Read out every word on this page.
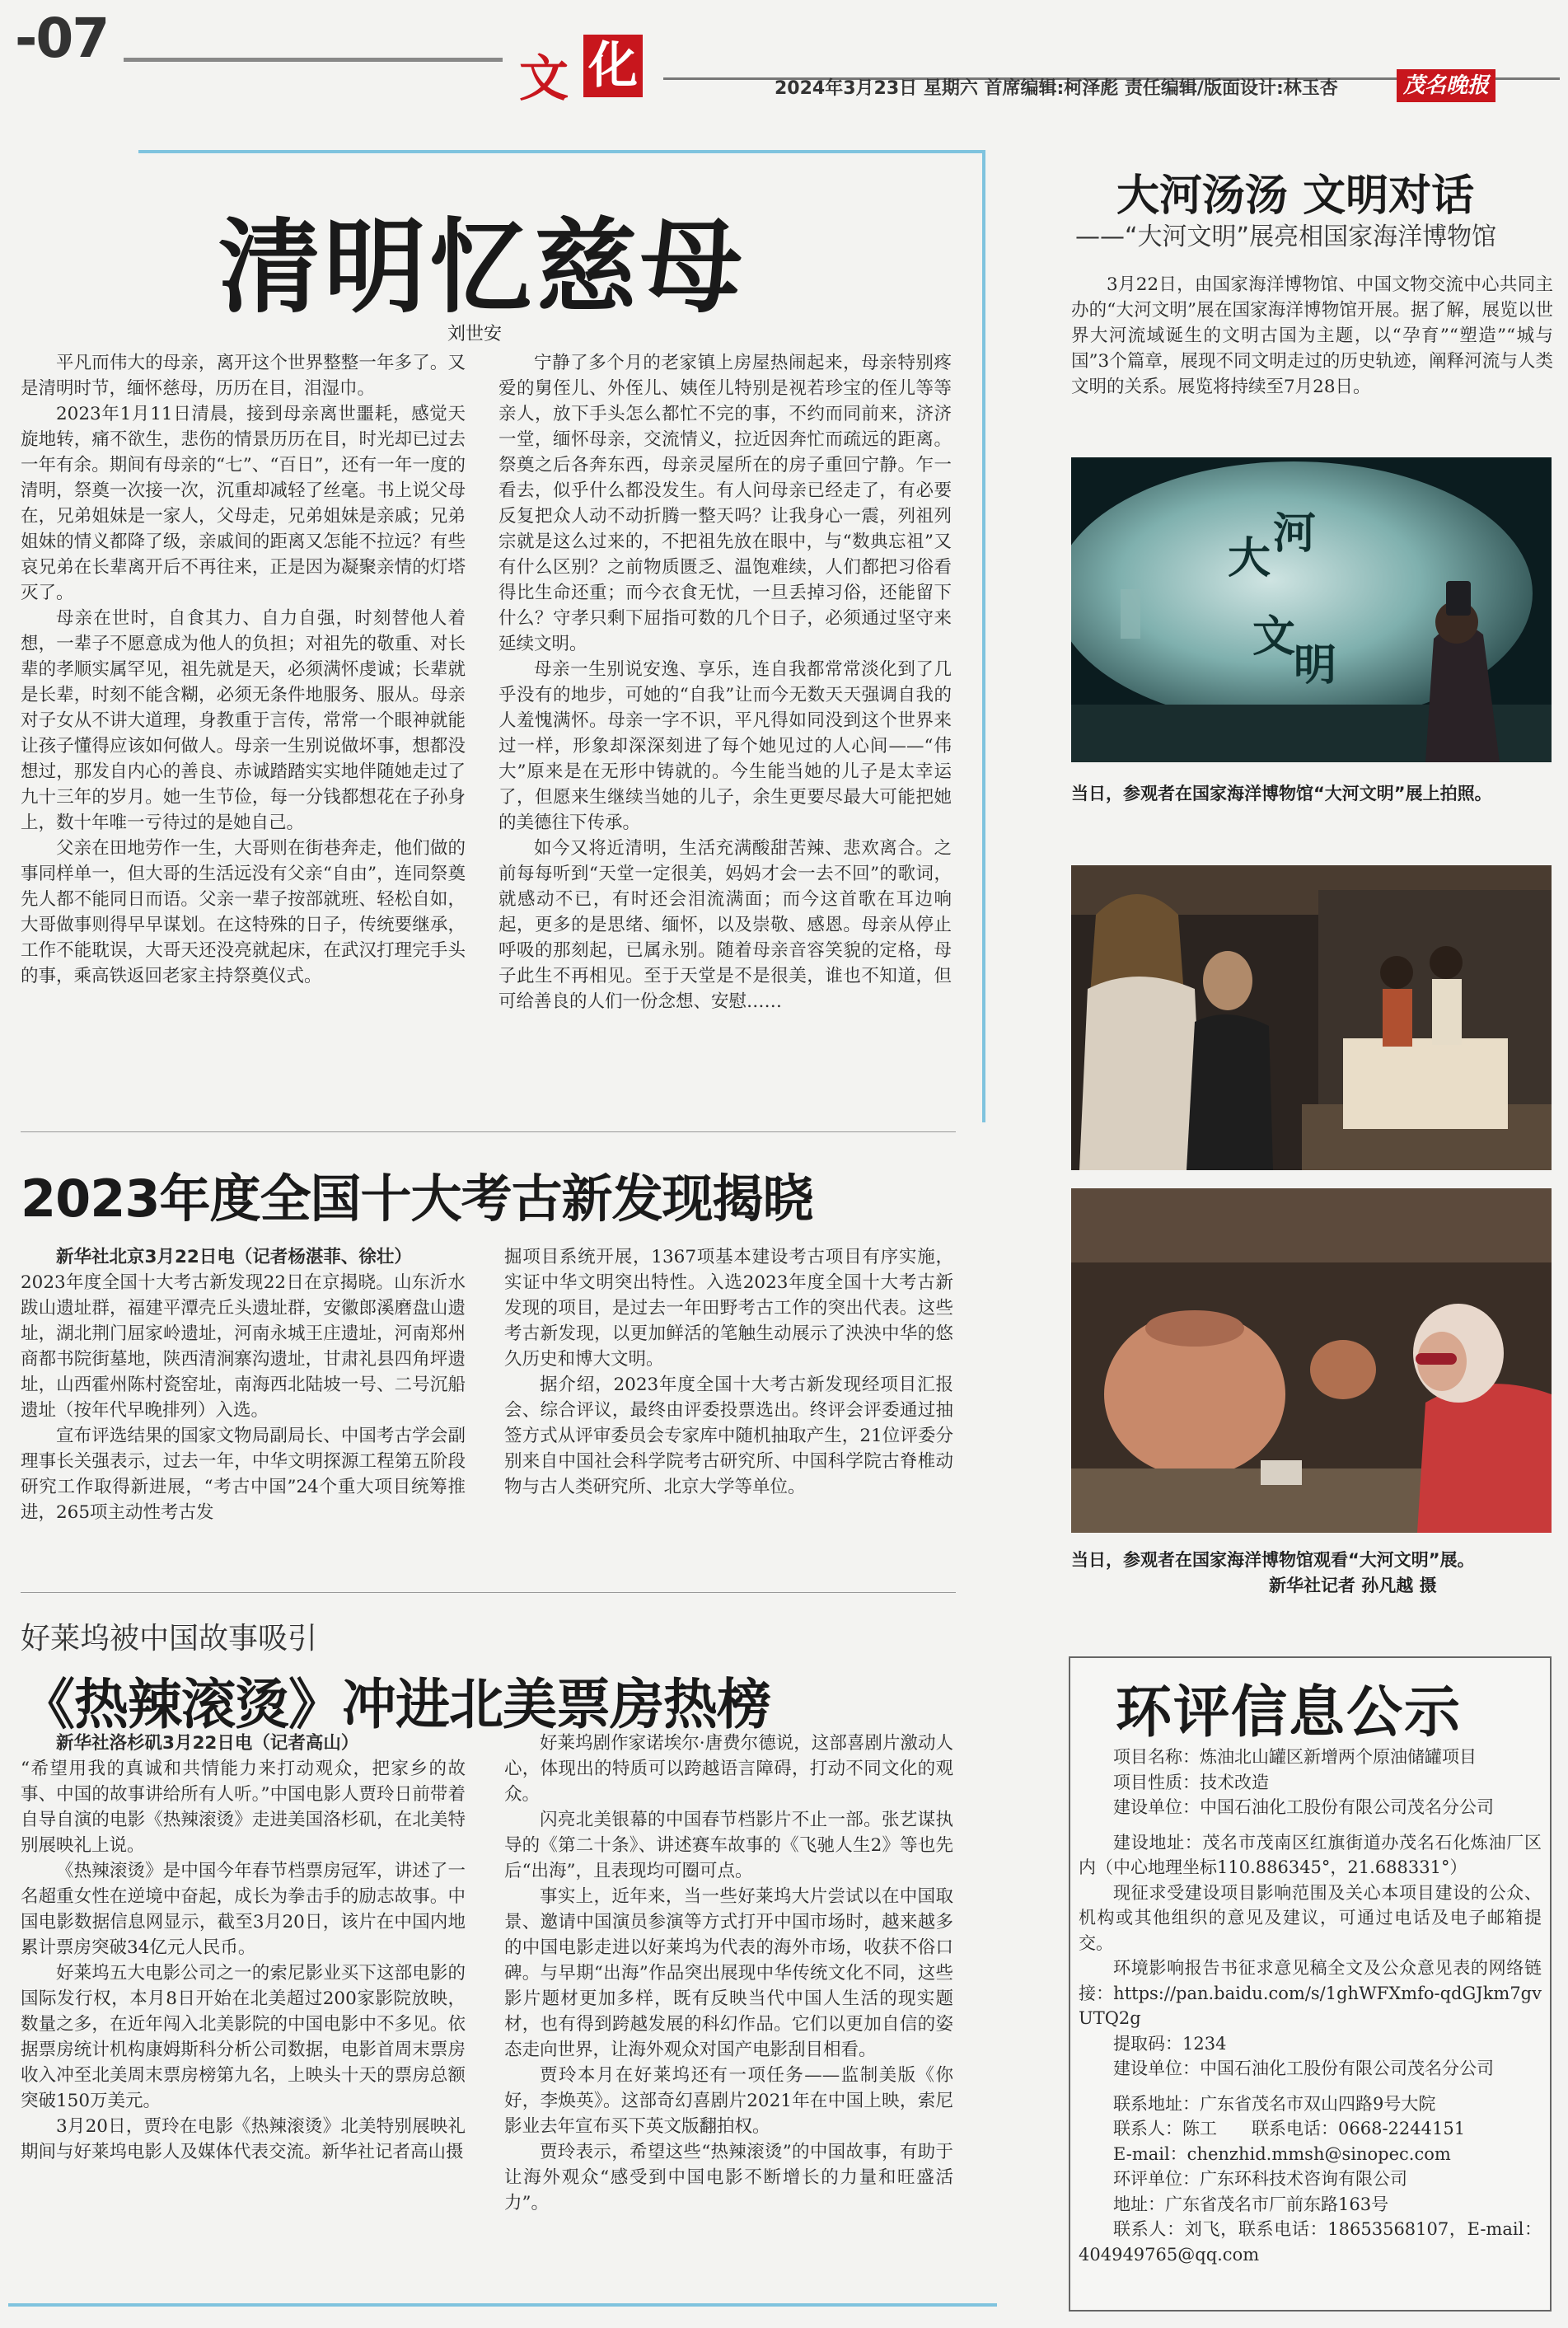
-07
文 化	2024年3月23日 星期六 首席编辑:柯泽彪 责任编辑/版面设计:林玉杏	茂名晚报
清明忆慈母
刘世安

平凡而伟大的母亲，离开这个世界整整一年多了。又是清明时节，缅怀慈母，历历在目，泪湿巾。

2023年1月11日清晨，接到母亲离世噩耗，感觉天旋地转，痛不欲生，悲伤的情景历历在目，时光却已过去一年有余。期间有母亲的“七”、“百日”，还有一年一度的清明，祭奠一次接一次，沉重却减轻了丝毫。书上说父母在，兄弟姐妹是一家人，父母走，兄弟姐妹是亲戚；兄弟姐妹的情义都降了级，亲戚间的距离又怎能不拉远？有些哀兄弟在长辈离开后不再往来，正是因为凝聚亲情的灯塔灭了。

母亲在世时，自食其力、自力自强，时刻替他人着想，一辈子不愿意成为他人的负担；对祖先的敬重、对长辈的孝顺实属罕见，祖先就是天，必须满怀虔诚；长辈就是长辈，时刻不能含糊，必须无条件地服务、服从。母亲对子女从不讲大道理，身教重于言传，常常一个眼神就能让孩子懂得应该如何做人。母亲一生别说做坏事，想都没想过，那发自内心的善良、赤诚踏踏实实地伴随她走过了九十三年的岁月。她一生节俭，每一分钱都想花在子孙身上，数十年唯一亏待过的是她自己。

父亲在田地劳作一生，大哥则在街巷奔走，他们做的事同样单一，但大哥的生活远没有父亲“自由”，连同祭奠先人都不能同日而语。父亲一辈子按部就班、轻松自如，大哥做事则得早早谋划。在这特殊的日子，传统要继承，工作不能耽误，大哥天还没亮就起床，在武汉打理完手头的事，乘高铁返回老家主持祭奠仪式。

宁静了多个月的老家镇上房屋热闹起来，母亲特别疼爱的舅侄儿、外侄儿、姨侄儿特别是视若珍宝的侄儿等等亲人，放下手头怎么都忙不完的事，不约而同前来，济济一堂，缅怀母亲，交流情义，拉近因奔忙而疏远的距离。祭奠之后各奔东西，母亲灵屋所在的房子重回宁静。乍一看去，似乎什么都没发生。有人问母亲已经走了，有必要反复把众人动不动折腾一整天吗？让我身心一震，列祖列宗就是这么过来的，不把祖先放在眼中，与“数典忘祖”又有什么区别？之前物质匮乏、温饱难续，人们都把习俗看得比生命还重；而今衣食无忧，一旦丢掉习俗，还能留下什么？守孝只剩下屈指可数的几个日子，必须通过坚守来延续文明。

母亲一生别说安逸、享乐，连自我都常常淡化到了几乎没有的地步，可她的“自我”让而今无数天天强调自我的人羞愧满怀。母亲一字不识，平凡得如同没到这个世界来过一样，形象却深深刻进了每个她见过的人心间——“伟大”原来是在无形中铸就的。今生能当她的儿子是太幸运了，但愿来生继续当她的儿子，余生更要尽最大可能把她的美德往下传承。

如今又将近清明，生活充满酸甜苦辣、悲欢离合。之前每每听到“天堂一定很美，妈妈才会一去不回”的歌词，就感动不已，有时还会泪流满面；而今这首歌在耳边响起，更多的是思绪、缅怀，以及崇敬、感恩。母亲从停止呼吸的那刻起，已属永别。随着母亲音容笑貌的定格，母子此生不再相见。至于天堂是不是很美，谁也不知道，但可给善良的人们一份念想、安慰……

2023年度全国十大考古新发现揭晓

新华社北京3月22日电（记者杨湛菲、徐壮）

2023年度全国十大考古新发现22日在京揭晓。山东沂水跋山遗址群，福建平潭壳丘头遗址群，安徽郎溪磨盘山遗址，湖北荆门屈家岭遗址，河南永城王庄遗址，河南郑州商都书院街墓地，陕西清涧寨沟遗址，甘肃礼县四角坪遗址，山西霍州陈村瓷窑址，南海西北陆坡一号、二号沉船遗址（按年代早晚排列）入选。

宣布评选结果的国家文物局副局长、中国考古学会副理事长关强表示，过去一年，中华文明探源工程第五阶段研究工作取得新进展，“考古中国”24个重大项目统筹推进，265项主动性考古发

掘项目系统开展，1367项基本建设考古项目有序实施，实证中华文明突出特性。入选2023年度全国十大考古新发现的项目，是过去一年田野考古工作的突出代表。这些考古新发现，以更加鲜活的笔触生动展示了泱泱中华的悠久历史和博大文明。

据介绍，2023年度全国十大考古新发现经项目汇报会、综合评议，最终由评委投票选出。终评会评委通过抽签方式从评审委员会专家库中随机抽取产生，21位评委分别来自中国社会科学院考古研究所、中国科学院古脊椎动物与古人类研究所、北京大学等单位。

好莱坞被中国故事吸引
《热辣滚烫》冲进北美票房热榜

新华社洛杉矶3月22日电（记者高山）

“希望用我的真诚和共情能力来打动观众，把家乡的故事、中国的故事讲给所有人听。”中国电影人贾玲日前带着自导自演的电影《热辣滚烫》走进美国洛杉矶，在北美特别展映礼上说。

《热辣滚烫》是中国今年春节档票房冠军，讲述了一名超重女性在逆境中奋起，成长为拳击手的励志故事。中国电影数据信息网显示，截至3月20日，该片在中国内地累计票房突破34亿元人民币。

好莱坞五大电影公司之一的索尼影业买下这部电影的国际发行权，本月8日开始在北美超过200家影院放映，数量之多，在近年闯入北美影院的中国电影中不多见。依据票房统计机构康姆斯科分析公司数据，电影首周末票房收入冲至北美周末票房榜第九名，上映头十天的票房总额突破150万美元。

3月20日，贾玲在电影《热辣滚烫》北美特别展映礼期间与好莱坞电影人及媒体代表交流。新华社记者高山摄

好莱坞剧作家诺埃尔·唐费尔德说，这部喜剧片激动人心，体现出的特质可以跨越语言障碍，打动不同文化的观众。

闪亮北美银幕的中国春节档影片不止一部。张艺谋执导的《第二十条》、讲述赛车故事的《飞驰人生2》等也先后“出海”，且表现均可圈可点。

事实上，近年来，当一些好莱坞大片尝试以在中国取景、邀请中国演员参演等方式打开中国市场时，越来越多的中国电影走进以好莱坞为代表的海外市场，收获不俗口碑。与早期“出海”作品突出展现中华传统文化不同，这些影片题材更加多样，既有反映当代中国人生活的现实题材，也有得到跨越发展的科幻作品。它们以更加自信的姿态走向世界，让海外观众对国产电影刮目相看。

贾玲本月在好莱坞还有一项任务——监制美版《你好，李焕英》。这部奇幻喜剧片2021年在中国上映，索尼影业去年宣布买下英文版翻拍权。

贾玲表示，希望这些“热辣滚烫”的中国故事，有助于让海外观众“感受到中国电影不断增长的力量和旺盛活力”。

大河汤汤 文明对话
——“大河文明”展亮相国家海洋博物馆

3月22日，由国家海洋博物馆、中国文物交流中心共同主办的“大河文明”展在国家海洋博物馆开展。据了解，展览以世界大河流域诞生的文明古国为主题，以“孕育”“塑造”“城与国”3个篇章，展现不同文明走过的历史轨迹，阐释河流与人类文明的关系。展览将持续至7月28日。

大 河
文
明
当日，参观者在国家海洋博物馆“大河文明”展上拍照。
当日，参观者在国家海洋博物馆观看“大河文明”展。
新华社记者 孙凡越 摄
环评信息公示

项目名称：炼油北山罐区新增两个原油储罐项目

项目性质：技术改造

建设单位：中国石油化工股份有限公司茂名分公司

建设地址：茂名市茂南区红旗街道办茂名石化炼油厂区内（中心地理坐标110.886345°，21.688331°）

现征求受建设项目影响范围及关心本项目建设的公众、机构或其他组织的意见及建议，可通过电话及电子邮箱提交。

环境影响报告书征求意见稿全文及公众意见表的网络链接：https://pan.baidu.com/s/1ghWFXmfo-qdGJkm7gvUTQ2g

提取码：1234

建设单位：中国石油化工股份有限公司茂名分公司

联系地址：广东省茂名市双山四路9号大院

联系人：陈工　　联系电话：0668-2244151

E-mail：chenzhid.mmsh@sinopec.com

环评单位：广东环科技术咨询有限公司

地址：广东省茂名市厂前东路163号

联系人：刘飞，联系电话：18653568107，E-mail：404949765@qq.com
